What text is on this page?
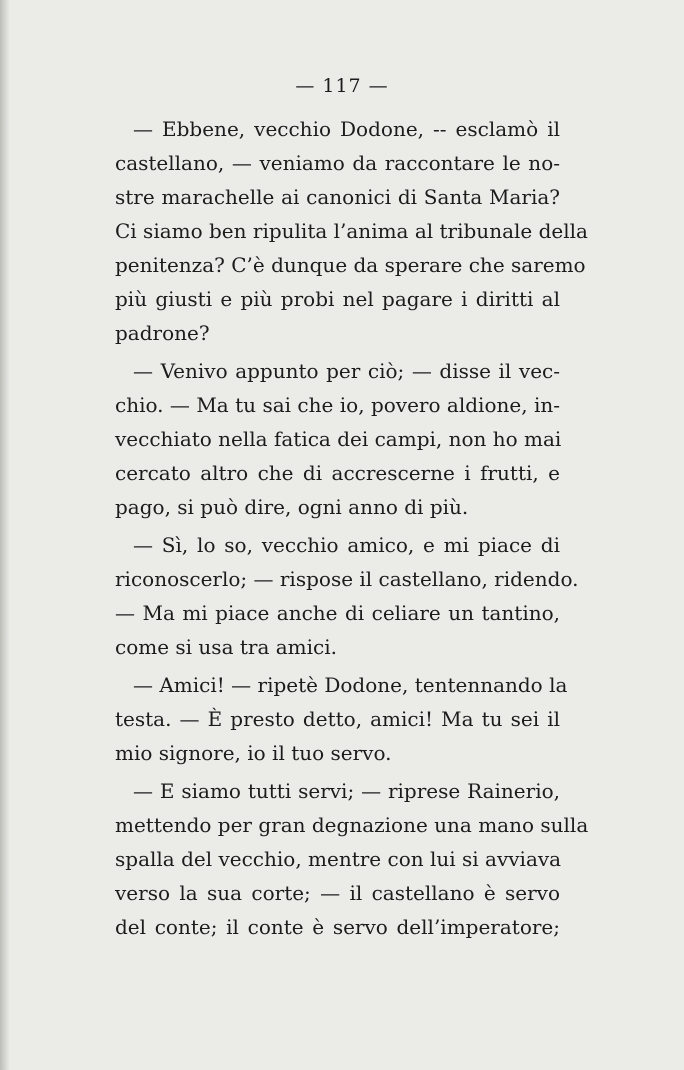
— 117 —
— Ebbene, vecchio Dodone, -- esclamò il
castellano, — veniamo da raccontare le no-
stre marachelle ai canonici di Santa Maria?
Ci siamo ben ripulita l’anima al tribunale della
penitenza? C’è dunque da sperare che saremo
più giusti e più probi nel pagare i diritti al
padrone?
— Venivo appunto per ciò; — disse il vec-
chio. — Ma tu sai che io, povero aldione, in-
vecchiato nella fatica dei campi, non ho mai
cercato altro che di accrescerne i frutti, e
pago, si può dire, ogni anno di più.
— Sì, lo so, vecchio amico, e mi piace di
riconoscerlo; — rispose il castellano, ridendo.
— Ma mi piace anche di celiare un tantino,
come si usa tra amici.
— Amici! — ripetè Dodone, tentennando la
testa. — È presto detto, amici! Ma tu sei il
mio signore, io il tuo servo.
— E siamo tutti servi; — riprese Rainerio,
mettendo per gran degnazione una mano sulla
spalla del vecchio, mentre con lui si avviava
verso la sua corte; — il castellano è servo
del conte; il conte è servo dell’imperatore;
